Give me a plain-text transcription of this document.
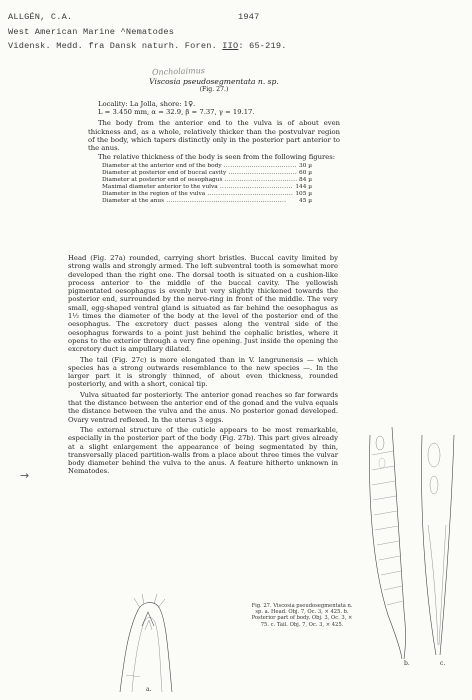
ALLGÉN, C.A.	1947
West American Marine ^Nematodes
Vidensk. Medd. fra Dansk naturh. Foren. IIO: 65-219.
Oncholaimus
Viscosia pseudosegmentata n. sp.
(Fig. 27.)
Locality: La Jolla, shore: 1♀.
L = 3.450 mm, α = 32.9, β = 7.37, γ = 19.17.

The body from the anterior end to the vulva is of about even thickness and, as a whole, relatively thicker than the postvulvar region of the body, which tapers distinctly only in the posterior part anterior to the anus.

The relative thickness of the body is seen from the following figures:

Diameter at the anterior end of the body .....	30 µ
Diameter at posterior end of buccal cavity .....	60 µ
Diameter at posterior end of oesophagus .....	84 µ
Maximal diameter anterior to the vulva .....	144 µ
Diameter in the region of the vulva .....	105 µ
Diameter at the anus .....	45 µ

Head (Fig. 27a) rounded, carrying short bristles. Buccal cavity limited by strong walls and strongly armed. The left subventral tooth is somewhat more developed than the right one. The dorsal tooth is situated on a cushion-like process anterior to the middle of the buccal cavity. The yellowish pigmentated oesophagus is evenly but very slightly thickened towards the posterior end, surrounded by the nerve-ring in front of the middle. The very small, egg-shaped ventral gland is situated as far behind the oesophagus as 1½ times the diameter of the body at the level of the posterior end of the oesophagus. The excretory duct passes along the ventral side of the oesophagus forwards to a point just behind the cephalic bristles, where it opens to the exterior through a very fine opening. Just inside the opening the excretory duct is ampullary dilated.

The tail (Fig. 27c) is more elongated than in V. langrunensis — which species has a strong outwards resemblance to the new species —. In the larger part it is strongly thinned, of about even thickness, rounded posteriorly, and with a short, conical tip.

Vulva situated far posteriorly. The anterior gonad reaches so far forwards that the distance between the anterior end of the gonad and the vulva equals the distance between the vulva and the anus. No posterior gonad developed. Ovary ventrad reflexed. In the uterus 3 eggs.

The external structure of the cuticle appears to be most remarkable, especially in the posterior part of the body (Fig. 27b). This part gives already at a slight enlargement the appearance of being segmentated by thin, transversally placed partition-walls from a place about three times the vulvar body diameter behind the vulva to the anus. A feature hitherto unknown in Nematodes.

→
a.
b.	c.
Fig. 27. Viscosia pseudosegmentata n. sp. a. Head. Obj. 7, Oc. 3, × 425. b. Posterior part of body. Obj. 3, Oc. 3, × 75. c. Tail. Obj. 7, Oc. 3, × 425.
